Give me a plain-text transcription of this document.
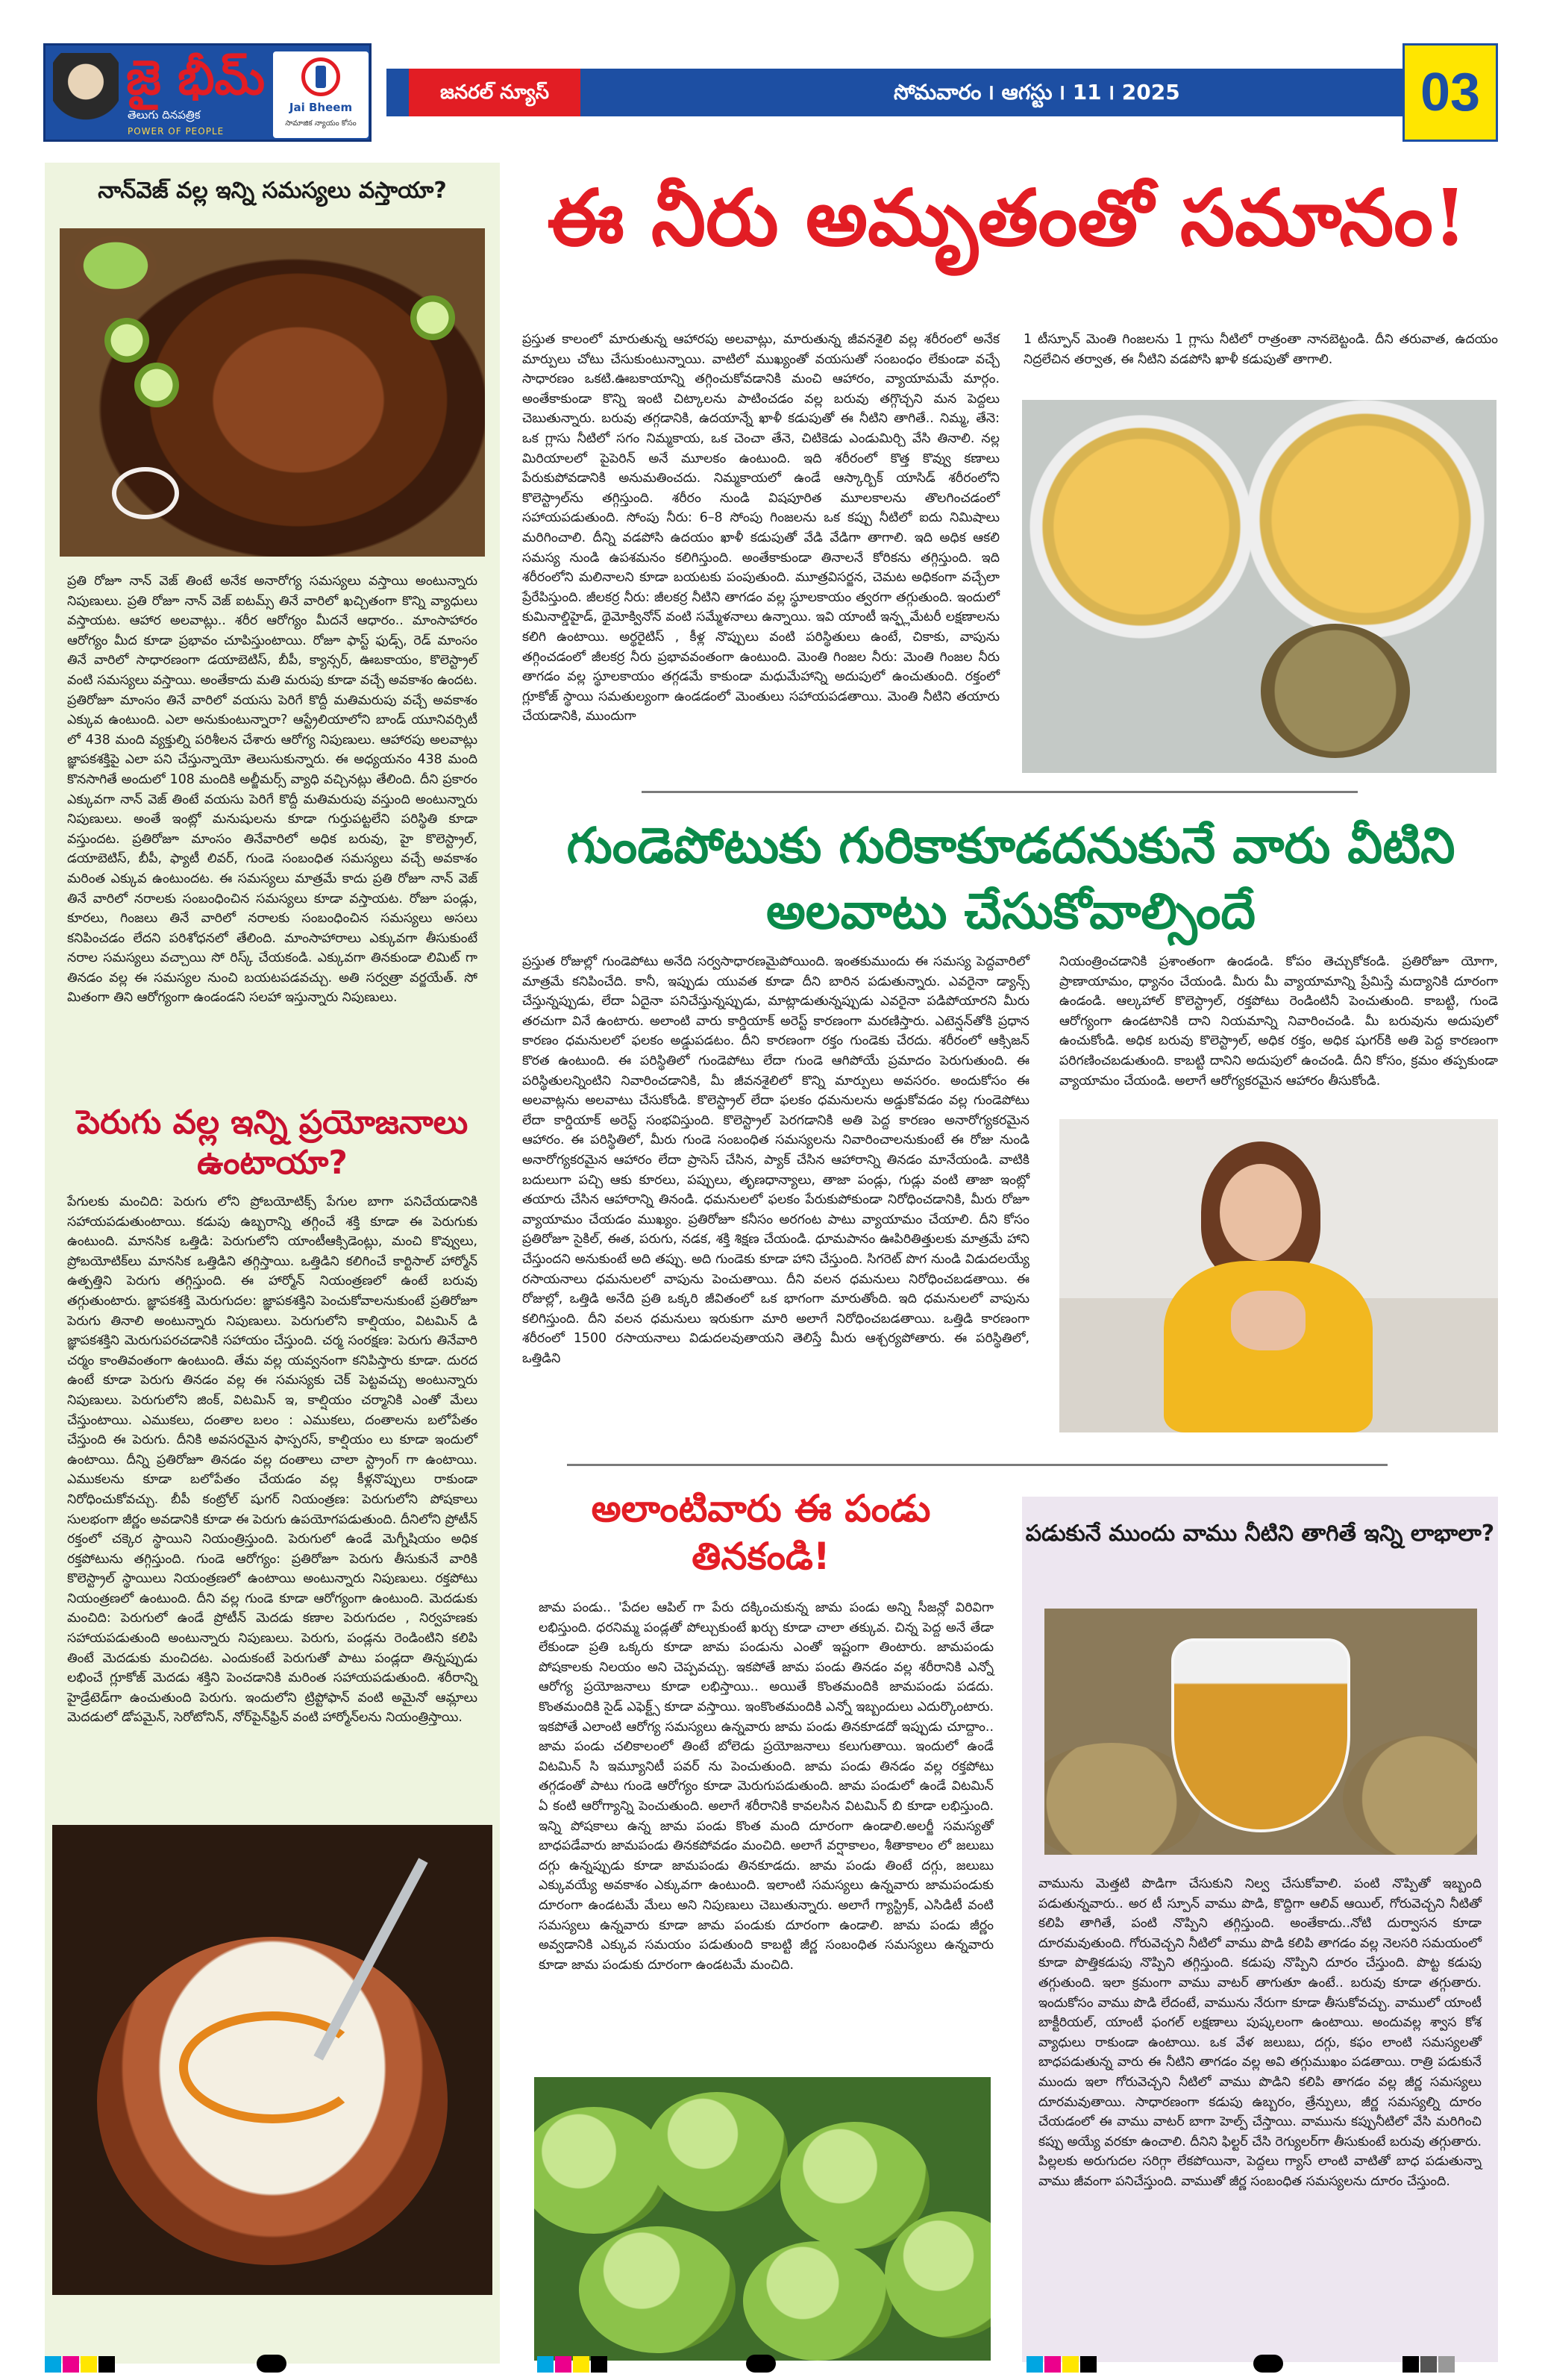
జై భీమ్
తెలుగు దినపత్రిక
POWER OF PEOPLE
Jai Bheem
సామాజిక న్యాయం కోసం
జనరల్ న్యూస్	సోమవారం ౹ ఆగస్టు ౹ 11 ౹ 2025	03
నాన్‌వెజ్ వల్ల ఇన్ని సమస్యలు వస్తాయా?
ప్రతి రోజూ నాన్ వెజ్ తింటే అనేక అనారోగ్య సమస్యలు వస్తాయి అంటున్నారు నిపుణులు. ప్రతి రోజూ నాన్ వెజ్ ఐటమ్స్ తినే వారిలో ఖచ్చితంగా కొన్ని వ్యాధులు వస్తాయట. ఆహార అలవాట్లు.. శరీర ఆరోగ్యం మీదనే ఆధారం.. మాంసాహారం ఆరోగ్యం మీద కూడా ప్రభావం చూపిస్తుంటాయి. రోజూ ఫాస్ట్ ఫుడ్స్, రెడ్ మాంసం తినే వారిలో సాధారణంగా డయాబెటిస్, బీపీ, క్యాన్సర్, ఊబకాయం, కొలెస్ట్రాల్ వంటి సమస్యలు వస్తాయి. అంతేకాదు మతి మరుపు కూడా వచ్చే అవకాశం ఉందట. ప్రతిరోజూ మాంసం తినే వారిలో వయసు పెరిగే కొద్దీ మతిమరుపు వచ్చే అవకాశం ఎక్కువ ఉంటుంది. ఎలా అనుకుంటున్నారా? ఆస్ట్రేలియాలోని బాండ్ యూనివర్సిటీ లో 438 మంది వ్యక్తుల్ని పరిశీలన చేశారు ఆరోగ్య నిపుణులు. ఆహారపు అలవాట్లు జ్ఞాపకశక్తిపై ఎలా పని చేస్తున్నాయో తెలుసుకున్నారు. ఈ అధ్యయనం 438 మంది కొనసాగితే అందులో 108 మందికి అల్జీమర్స్ వ్యాధి వచ్చినట్లు తేలింది. దీని ప్రకారం ఎక్కువగా నాన్ వెజ్ తింటే వయసు పెరిగే కొద్దీ మతిమరుపు వస్తుంది అంటున్నారు నిపుణులు. అంతే ఇంట్లో మనుషులను కూడా గుర్తుపట్టలేని పరిస్థితి కూడా వస్తుందట. ప్రతిరోజూ మాంసం తినేవారిలో అధిక బరువు, హై కొలెస్ట్రాల్, డయాబెటిస్, బీపీ, ఫ్యాటీ లివర్, గుండె సంబంధిత సమస్యలు వచ్చే అవకాశం మరింత ఎక్కువ ఉంటుందట. ఈ సమస్యలు మాత్రమే కాదు ప్రతి రోజూ నాన్ వెజ్ తినే వారిలో నరాలకు సంబంధించిన సమస్యలు కూడా వస్తాయట. రోజూ పండ్లు, కూరలు, గింజలు తినే వారిలో నరాలకు సంబంధించిన సమస్యలు అసలు కనిపించడం లేదని పరిశోధనలో తేలింది. మాంసాహారాలు ఎక్కువగా తీసుకుంటే నరాల సమస్యలు వచ్చాయి సో రిస్క్ చేయకండి. ఎక్కువగా తినకుండా లిమిట్ గా తినడం వల్ల ఈ సమస్యల నుంచి బయటపడవచ్చు. అతి సర్వత్రా వర్జయేత్. సో మితంగా తిని ఆరోగ్యంగా ఉండండని సలహా ఇస్తున్నారు నిపుణులు.
పెరుగు వల్ల ఇన్ని ప్రయోజనాలు ఉంటాయా?
పేగులకు మంచిది: పెరుగు లోని ప్రోబయోటిక్స్ పేగుల బాగా పనిచేయడానికి సహాయపడుతుంటాయి. కడుపు ఉబ్బరాన్ని తగ్గించే శక్తి కూడా ఈ పెరుగుకు ఉంటుంది. మానసిక ఒత్తిడి: పెరుగులోని యాంటీఆక్సిడెంట్లు, మంచి కొవ్వులు, ప్రోబయోటిక్‌లు మానసిక ఒత్తిడిని తగ్గిస్తాయి. ఒత్తిడిని కలిగించే కార్టిసాల్ హార్మోన్ ఉత్పత్తిని పెరుగు తగ్గిస్తుంది. ఈ హార్మోన్ నియంత్రణలో ఉంటే బరువు తగ్గుతుంటారు. జ్ఞాపకశక్తి మెరుగుదల: జ్ఞాపకశక్తిని పెంచుకోవాలనుకుంటే ప్రతిరోజూ పెరుగు తినాలి అంటున్నారు నిపుణులు. పెరుగులోని కాల్షియం, విటమిన్ డి జ్ఞాపకశక్తిని మెరుగుపరచడానికి సహాయం చేస్తుంది. చర్మ సంరక్షణ: పెరుగు తినేవారి చర్మం కాంతివంతంగా ఉంటుంది. తేమ వల్ల యవ్వనంగా కనిపిస్తారు కూడా. దురద ఉంటే కూడా పెరుగు తినడం వల్ల ఈ సమస్యకు చెక్ పెట్టవచ్చు అంటున్నారు నిపుణులు. పెరుగులోని జింక్, విటమిన్ ఇ, కాల్షియం చర్మానికి ఎంతో మేలు చేస్తుంటాయి. ఎముకలు, దంతాల బలం : ఎముకలు, దంతాలను బలోపేతం చేస్తుంది ఈ పెరుగు. దీనికి అవసరమైన ఫాస్పరస్, కాల్షియం లు కూడా ఇందులో ఉంటాయి. దీన్ని ప్రతిరోజూ తినడం వల్ల దంతాలు చాలా స్ట్రాంగ్ గా ఉంటాయి. ఎముకలను కూడా బలోపేతం చేయడం వల్ల కీళ్లనొప్పులు రాకుండా నిరోధించుకోవచ్చు. బీపీ కంట్రోల్ షుగర్ నియంత్రణ: పెరుగులోని పోషకాలు సులభంగా జీర్ణం అవడానికి కూడా ఈ పెరుగు ఉపయోగపడుతుంది. దీనిలోని ప్రోటీన్ రక్తంలో చక్కెర స్థాయిని నియంత్రిస్తుంది. పెరుగులో ఉండే మెగ్నీషియం అధిక రక్తపోటును తగ్గిస్తుంది. గుండె ఆరోగ్యం: ప్రతిరోజూ పెరుగు తీసుకునే వారికి కొలెస్ట్రాల్ స్థాయిలు నియంత్రణలో ఉంటాయి అంటున్నారు నిపుణులు. రక్తపోటు నియంత్రణలో ఉంటుంది. దీని వల్ల గుండె కూడా ఆరోగ్యంగా ఉంటుంది. మెదడుకు మంచిది: పెరుగులో ఉండే ప్రోటీన్ మెదడు కణాల పెరుగుదల , నిర్వహణకు సహాయపడుతుంది అంటున్నారు నిపుణులు. పెరుగు, పండ్లను రెండింటిని కలిపి తింటే మెదడుకు మంచిదట. ఎందుకంటే పెరుగుతో పాటు పండ్లదా తిన్నప్పుడు లభించే గ్లూకోజ్ మెదడు శక్తిని పెంచడానికి మరింత సహాయపడుతుంది. శరీరాన్ని హైడ్రేటెడ్‌గా ఉంచుతుంది పెరుగు. ఇందులోని ట్రిప్టోఫాన్ వంటి అమైనో ఆమ్లాలు మెదడులో డోపమైన్, సెరోటోనిన్, నోర్‌పైన్‌ఫ్రిన్ వంటి హార్మోన్‌లను నియంత్రిస్తాయి.
ఈ నీరు అమృతంతో సమానం!
ప్రస్తుత కాలంలో మారుతున్న ఆహారపు అలవాట్లు, మారుతున్న జీవనశైలి వల్ల శరీరంలో అనేక మార్పులు చోటు చేసుకుంటున్నాయి. వాటిలో ముఖ్యంతో వయసుతో సంబంధం లేకుండా వచ్చే సాధారణం ఒకటి.ఊబకాయాన్ని తగ్గించుకోవడానికి మంచి ఆహారం, వ్యాయామమే మార్గం. అంతేకాకుండా కొన్ని ఇంటి చిట్కాలను పాటించడం వల్ల బరువు తగ్గొచ్చని మన పెద్దలు చెబుతున్నారు. బరువు తగ్గడానికి, ఉదయాన్నే ఖాళీ కడుపుతో ఈ నీటిని తాగితే.. నిమ్మ, తేనె: ఒక గ్లాసు నీటిలో సగం నిమ్మకాయ, ఒక చెంచా తేనె, చిటికెడు ఎండుమిర్చి వేసి తినాలి. నల్ల మిరియాలలో పైపెరిన్ అనే మూలకం ఉంటుంది. ఇది శరీరంలో కొత్త కొవ్వు కణాలు పేరుకుపోవడానికి అనుమతించదు. నిమ్మకాయలో ఉండే ఆస్కార్బిక్ యాసిడ్ శరీరంలోని కొలెస్ట్రాల్‌ను తగ్గిస్తుంది. శరీరం నుండి విషపూరిత మూలకాలను తొలగించడంలో సహాయపడుతుంది. సోంపు నీరు: 6–8 సోంపు గింజలను ఒక కప్పు నీటిలో ఐదు నిమిషాలు మరిగించాలి. దీన్ని వడపోసి ఉదయం ఖాళీ కడుపుతో వేడి వేడిగా తాగాలి. ఇది అధిక ఆకలి సమస్య నుండి ఉపశమనం కలిగిస్తుంది. అంతేకాకుండా తినాలనే కోరికను తగ్గిస్తుంది. ఇది శరీరంలోని మలినాలని కూడా బయటకు పంపుతుంది. మూత్రవిసర్జన, చెమట అధికంగా వచ్చేలా ప్రేరేపిస్తుంది. జీలకర్ర నీరు: జీలకర్ర నీటిని తాగడం వల్ల స్థూలకాయం త్వరగా తగ్గుతుంది. ఇందులో కుమినాల్డిహైడ్, థైమోక్వినోన్ వంటి సమ్మేళనాలు ఉన్నాయి. ఇవి యాంటీ ఇన్ఫ్లమేటరీ లక్షణాలను కలిగి ఉంటాయి. అర్థరైటిస్ , కీళ్ల నొప్పులు వంటి పరిస్థితులు ఉంటే, చికాకు, వాపును తగ్గించడంలో జీలకర్ర నీరు ప్రభావవంతంగా ఉంటుంది. మెంతి గింజల నీరు: మెంతి గింజల నీరు తాగడం వల్ల స్థూలకాయం తగ్గడమే కాకుండా మధుమేహాన్ని అదుపులో ఉంచుతుంది. రక్తంలో గ్లూకోజ్ స్థాయి సమతుల్యంగా ఉండడంలో మెంతులు సహాయపడతాయి. మెంతి నీటిని తయారు చేయడానికి, ముందుగా
1 టీస్పూన్ మెంతి గింజలను 1 గ్లాసు నీటిలో రాత్రంతా నానబెట్టండి. దీని తరువాత, ఉదయం నిద్రలేచిన తర్వాత, ఈ నీటిని వడపోసి ఖాళీ కడుపుతో తాగాలి.
గుండెపోటుకు గురికాకూడదనుకునే వారు వీటిని అలవాటు చేసుకోవాల్సిందే
ప్రస్తుత రోజుల్లో గుండెపోటు అనేది సర్వసాధారణమైపోయింది. ఇంతకుముందు ఈ సమస్య పెద్దవారిలో మాత్రమే కనిపించేది. కానీ, ఇప్పుడు యువత కూడా దీని బారిన పడుతున్నారు. ఎవరైనా డ్యాన్స్ చేస్తున్నప్పుడు, లేదా ఏదైనా పనిచేస్తున్నప్పుడు, మాట్లాడుతున్నప్పుడు ఎవరైనా పడిపోయారని మీరు తరచుగా వినే ఉంటారు. అలాంటి వారు కార్డియాక్ అరెస్ట్ కారణంగా మరణిస్తారు. ఎటెన్షన్‌తోకి ప్రధాన కారణం ధమనులలో ఫలకం అడ్డుపడటం. దీని కారణంగా రక్తం గుండెకు చేరదు. శరీరంలో ఆక్సిజన్ కొరత ఉంటుంది. ఈ పరిస్థితిలో గుండెపోటు లేదా గుండె ఆగిపోయే ప్రమాదం పెరుగుతుంది. ఈ పరిస్థితులన్నింటిని నివారించడానికి, మీ జీవనశైలిలో కొన్ని మార్పులు అవసరం. అందుకోసం ఈ అలవాట్లను అలవాటు చేసుకోండి. కొలెస్ట్రాల్ లేదా ఫలకం ధమనులను అడ్డుకోవడం వల్ల గుండెపోటు లేదా కార్డియాక్ అరెస్ట్ సంభవిస్తుంది. కొలెస్ట్రాల్ పెరగడానికి అతి పెద్ద కారణం అనారోగ్యకరమైన ఆహారం. ఈ పరిస్థితిలో, మీరు గుండె సంబంధిత సమస్యలను నివారించాలనుకుంటే ఈ రోజు నుండి అనారోగ్యకరమైన ఆహారం లేదా ప్రాసెస్ చేసిన, ప్యాక్ చేసిన ఆహారాన్ని తినడం మానేయండి. వాటికి బదులుగా పచ్చి ఆకు కూరలు, పప్పులు, తృణధాన్యాలు, తాజా పండ్లు, గుడ్లు వంటి తాజా ఇంట్లో తయారు చేసిన ఆహారాన్ని తినండి. ధమనులలో ఫలకం పేరుకుపోకుండా నిరోధించడానికి, మీరు రోజూ వ్యాయామం చేయడం ముఖ్యం. ప్రతిరోజూ కనీసం అరగంట పాటు వ్యాయామం చేయాలి. దీని కోసం ప్రతిరోజూ సైకిల్, ఈత, పరుగు, నడక, శక్తి శిక్షణ చేయండి. ధూమపానం ఊపిరితిత్తులకు మాత్రమే హాని చేస్తుందని అనుకుంటే అది తప్పు. అది గుండెకు కూడా హాని చేస్తుంది. సిగరెట్ పొగ నుండి విడుదలయ్యే రసాయనాలు ధమనులలో వాపును పెంచుతాయి. దీని వలన ధమనులు నిరోధించబడతాయి. ఈ రోజుల్లో, ఒత్తిడి అనేది ప్రతి ఒక్కరి జీవితంలో ఒక భాగంగా మారుతోంది. ఇది ధమనులలో వాపును కలిగిస్తుంది. దీని వలన ధమనులు ఇరుకుగా మారి అలాగే నిరోధించబడతాయి. ఒత్తిడి కారణంగా శరీరంలో 1500 రసాయనాలు విడుదలవుతాయని తెలిస్తే మీరు ఆశ్చర్యపోతారు. ఈ పరిస్థితిలో, ఒత్తిడిని
నియంత్రించడానికి ప్రశాంతంగా ఉండండి. కోపం తెచ్చుకోకండి. ప్రతిరోజూ యోగా, ప్రాణాయామం, ధ్యానం చేయండి. మీరు మీ వ్యాయామాన్ని ప్రేమిస్తే మద్యానికి దూరంగా ఉండండి. ఆల్కహాల్ కొలెస్ట్రాల్, రక్తపోటు రెండింటినీ పెంచుతుంది. కాబట్టి, గుండె ఆరోగ్యంగా ఉండటానికి దాని నియమాన్ని నివారించండి. మీ బరువును అదుపులో ఉంచుకోండి. అధిక బరువు కొలెస్ట్రాల్, అధిక రక్తం, అధిక షుగర్‌కి అతి పెద్ద కారణంగా పరిగణించబడుతుంది. కాబట్టి దానిని అదుపులో ఉంచండి. దీని కోసం, క్రమం తప్పకుండా వ్యాయామం చేయండి. అలాగే ఆరోగ్యకరమైన ఆహారం తీసుకోండి.
అలాంటివారు ఈ పండు తినకండి!
జామ పండు.. 'పేదల ఆపిల్ గా పేరు దక్కించుకున్న జామ పండు అన్ని సీజన్లో విరివిగా లభిస్తుంది. ధరనిమ్మ పండ్లతో పోల్చుకుంటే ఖర్చు కూడా చాలా తక్కువ. చిన్న పెద్ద అనే తేడా లేకుండా ప్రతి ఒక్కరు కూడా జామ పండును ఎంతో ఇష్టంగా తింటారు. జామపండు పోషకాలకు నిలయం అని చెప్పవచ్చు. ఇకపోతే జామ పండు తినడం వల్ల శరీరానికి ఎన్నో ఆరోగ్య ప్రయోజనాలు కూడా లభిస్తాయి.. అయితే కొంతమందికి జామపండు పడదు. కొంతమందికి సైడ్ ఎఫెక్ట్స్ కూడా వస్తాయి. ఇంకొంతమందికి ఎన్నో ఇబ్బందులు ఎదుర్కొంటారు. ఇకపోతే ఎలాంటి ఆరోగ్య సమస్యలు ఉన్నవారు జామ పండు తినకూడదో ఇప్పుడు చూద్దాం.. జామ పండు చలికాలంలో తింటే బోలెడు ప్రయోజనాలు కలుగుతాయి. ఇందులో ఉండే విటమిన్ సి ఇమ్యూనిటీ పవర్ ను పెంచుతుంది. జామ పండు తినడం వల్ల రక్తపోటు తగ్గడంతో పాటు గుండె ఆరోగ్యం కూడా మెరుగుపడుతుంది. జామ పండులో ఉండే విటమిన్ ఏ కంటి ఆరోగ్యాన్ని పెంచుతుంది. అలాగే శరీరానికి కావలసిన విటమిన్ బి కూడా లభిస్తుంది. ఇన్ని పోషకాలు ఉన్న జామ పండు కొంత మంది దూరంగా ఉండాలి.అలర్జీ సమస్యతో బాధపడేవారు జామపండు తినకపోవడం మంచిది. అలాగే వర్షాకాలం, శీతాకాలం లో జలుబు దగ్గు ఉన్నప్పుడు కూడా జామపండు తినకూడదు. జామ పండు తింటే దగ్గు, జలుబు ఎక్కువయ్యే అవకాశం ఎక్కువగా ఉంటుంది. ఇలాంటి సమస్యలు ఉన్నవారు జామపండుకు దూరంగా ఉండటమే మేలు అని నిపుణులు చెబుతున్నారు. అలాగే గ్యాస్ట్రిక్, ఎసిడిటీ వంటి సమస్యలు ఉన్నవారు కూడా జామ పండుకు దూరంగా ఉండాలి. జామ పండు జీర్ణం అవ్వడానికి ఎక్కువ సమయం పడుతుంది కాబట్టి జీర్ణ సంబంధిత సమస్యలు ఉన్నవారు కూడా జామ పండుకు దూరంగా ఉండటమే మంచిది.
పడుకునే ముందు వాము నీటిని తాగితే ఇన్ని లాభాలా?
వామును మెత్తటి పొడిగా చేసుకుని నిల్వ చేసుకోవాలి. పంటి నొప్పితో ఇబ్బంది పడుతున్నవారు.. అర టీ స్పూన్ వాము పొడి, కొద్దిగా ఆలివ్ ఆయిల్, గోరువెచ్చని నీటితో కలిపి తాగితే, పంటి నొప్పిని తగ్గిస్తుంది. అంతేకాదు..నోటి దుర్వాసన కూడా దూరమవుతుంది. గోరువెచ్చని నీటిలో వాము పొడి కలిపి తాగడం వల్ల నెలసరి సమయంలో కూడా పొత్తికడుపు నొప్పిని తగ్గిస్తుంది. కడుపు నొప్పిని దూరం చేస్తుంది. పొట్ట కడుపు తగ్గుతుంది. ఇలా క్రమంగా వాము వాటర్ తాగుతూ ఉంటే.. బరువు కూడా తగ్గుతారు. ఇందుకోసం వాము పొడి లేదంటే, వామును నేరుగా కూడా తీసుకోవచ్చు. వాములో యాంటీ బాక్టీరియల్, యాంటీ ఫంగల్ లక్షణాలు పుష్కలంగా ఉంటాయి. అందువల్ల శ్వాస కోశ వ్యాధులు రాకుండా ఉంటాయి. ఒక వేళ జలుబు, దగ్గు, కఫం లాంటి సమస్యలతో బాధపడుతున్న వారు ఈ నీటిని తాగడం వల్ల అవి తగ్గుముఖం పడతాయి. రాత్రి పడుకునే ముందు ఇలా గోరువెచ్చని నీటిలో వాము పొడిని కలిపి తాగడం వల్ల జీర్ణ సమస్యలు దూరమవుతాయి. సాధారణంగా కడుపు ఉబ్బరం, త్రేన్పులు, జీర్ణ సమస్యల్ని దూరం చేయడంలో ఈ వాము వాటర్ బాగా హెల్ప్ చేస్తాయి. వామును కప్పునీటిలో వేసి మరిగించి కప్పు అయ్యే వరకూ ఉంచాలి. దీనిని ఫిల్టర్ చేసి రెగ్యులర్‌గా తీసుకుంటే బరువు తగ్గుతారు. పిల్లలకు అరుగుదల సరిగ్గా లేకపోయినా, పెద్దలు గ్యాస్ లాంటి వాటితో బాధ పడుతున్నా వాము జీవంగా పనిచేస్తుంది. వాముతో జీర్ణ సంబంధిత సమస్యలను దూరం చేస్తుంది.
